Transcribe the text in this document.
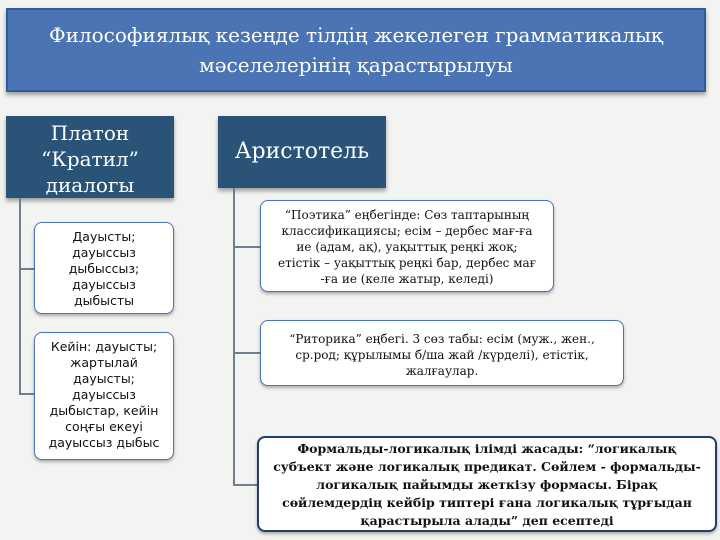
Философиялық кезеңде тілдің жекелеген грамматикалық
мәселелерінің қарастырылуы
Платон
“Кратил”
диалогы
Дауысты;
дауыссыз
дыбыссыз;
дауыссыз
дыбысты
Кейін: дауысты;
жартылай
дауысты;
дауыссыз
дыбыстар, кейін
соңғы екеуі
дауыссыз дыбыс
Аристотель
“Поэтика” еңбегінде: Сөз таптарының
классификациясы; есім – дербес мағ-ға
ие (адам, ақ), уақыттық реңкі жоқ;
етістік – уақыттық реңкі бар, дербес мағ
-ға ие (келе жатыр, келеді)
“Риторика” еңбегі. 3 сөз табы: есім (муж., жен.,
ср.род; құрылымы б/ша жай /күрделі), етістік,
жалғаулар.
Формальды-логикалық ілімді жасады: “логикалық
субъект және логикалық предикат. Сөйлем - формальды-
логикалық пайымды жеткізу формасы. Бірақ
сөйлемдердің кейбір типтері ғана логикалық тұрғыдан
қарастырыла алады” деп есептеді
